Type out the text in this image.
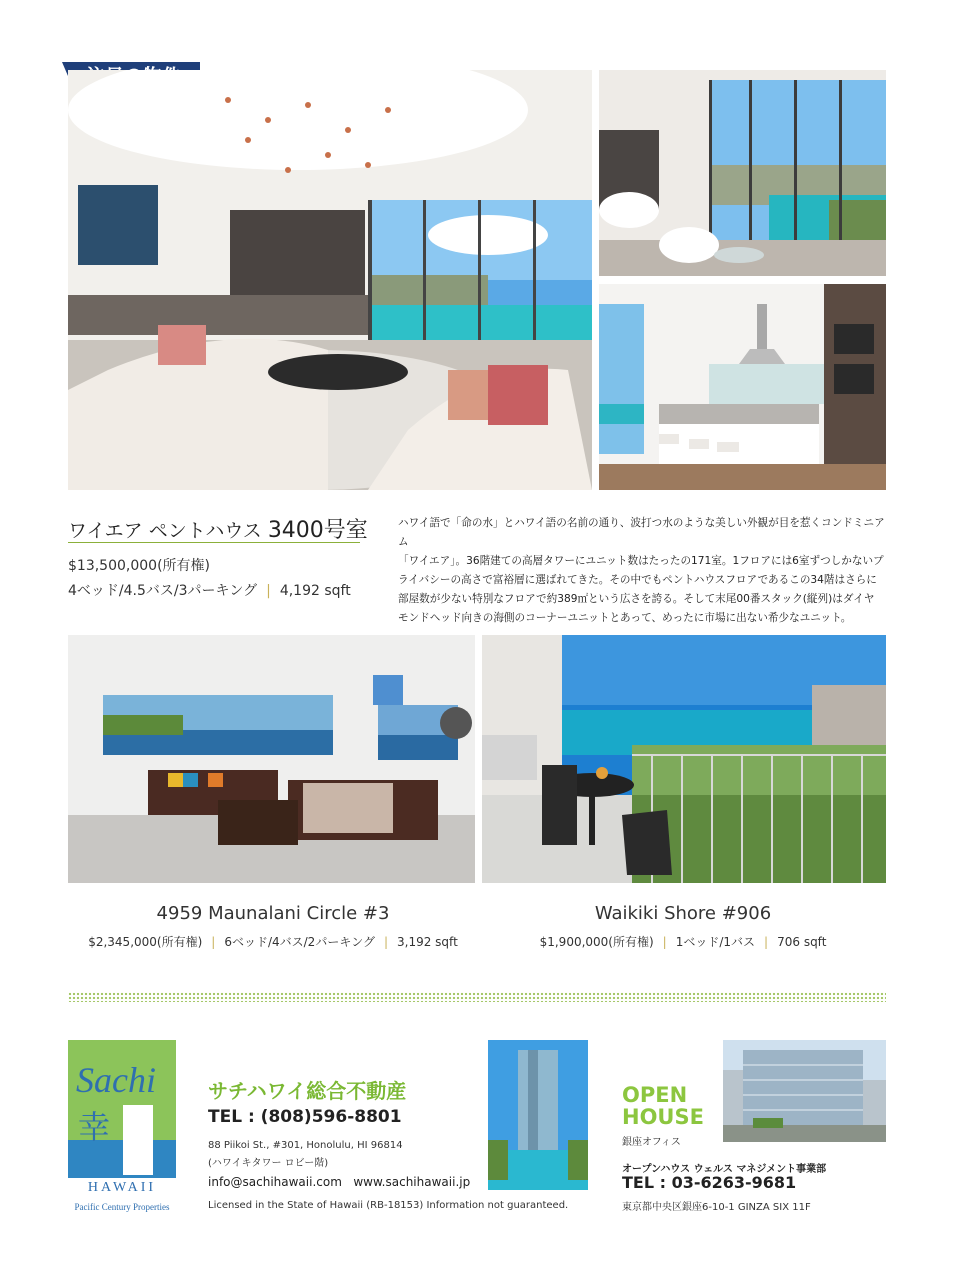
ワイエア ペントハウス 3400号室
$13,500,000(所有権)
4ベッド/4.5バス/3パーキング | 4,192 sqft

ハワイ語で「命の水」とハワイ語の名前の通り、波打つ水のような美しい外観が目を惹くコンドミニアム

「ワイエア」。36階建ての高層タワーにユニット数はたったの171室。1フロアには6室ずつしかないプ

ライバシーの高さで富裕層に選ばれてきた。その中でもペントハウスフロアであるこの34階はさらに

部屋数が少ない特別なフロアで約389㎡という広さを誇る。そして末尾00番スタック(縦列)はダイヤ

モンドヘッド向きの海側のコーナーユニットとあって、めったに市場に出ない希少なユニット。

4959 Maunalani Circle #3
$2,345,000(所有権) | 6ベッド/4バス/2パーキング | 3,192 sqft
Waikiki Shore #906
$1,900,000(所有権) | 1ベッド/1バス | 706 sqft
Sachi
幸
HAWAII
Pacific Century Properties
サチハワイ総合不動産
TEL : (808)596-8801
88 Piikoi St., #301, Honolulu, HI 96814
(ハワイキタワー ロビー階)
info@sachihawaii.com www.sachihawaii.jp
Licensed in the State of Hawaii (RB-18153) Information not guaranteed.
OPEN
HOUSE
銀座オフィス
オープンハウス ウェルス マネジメント事業部
TEL : 03-6263-9681
東京都中央区銀座6-10-1 GINZA SIX 11F
